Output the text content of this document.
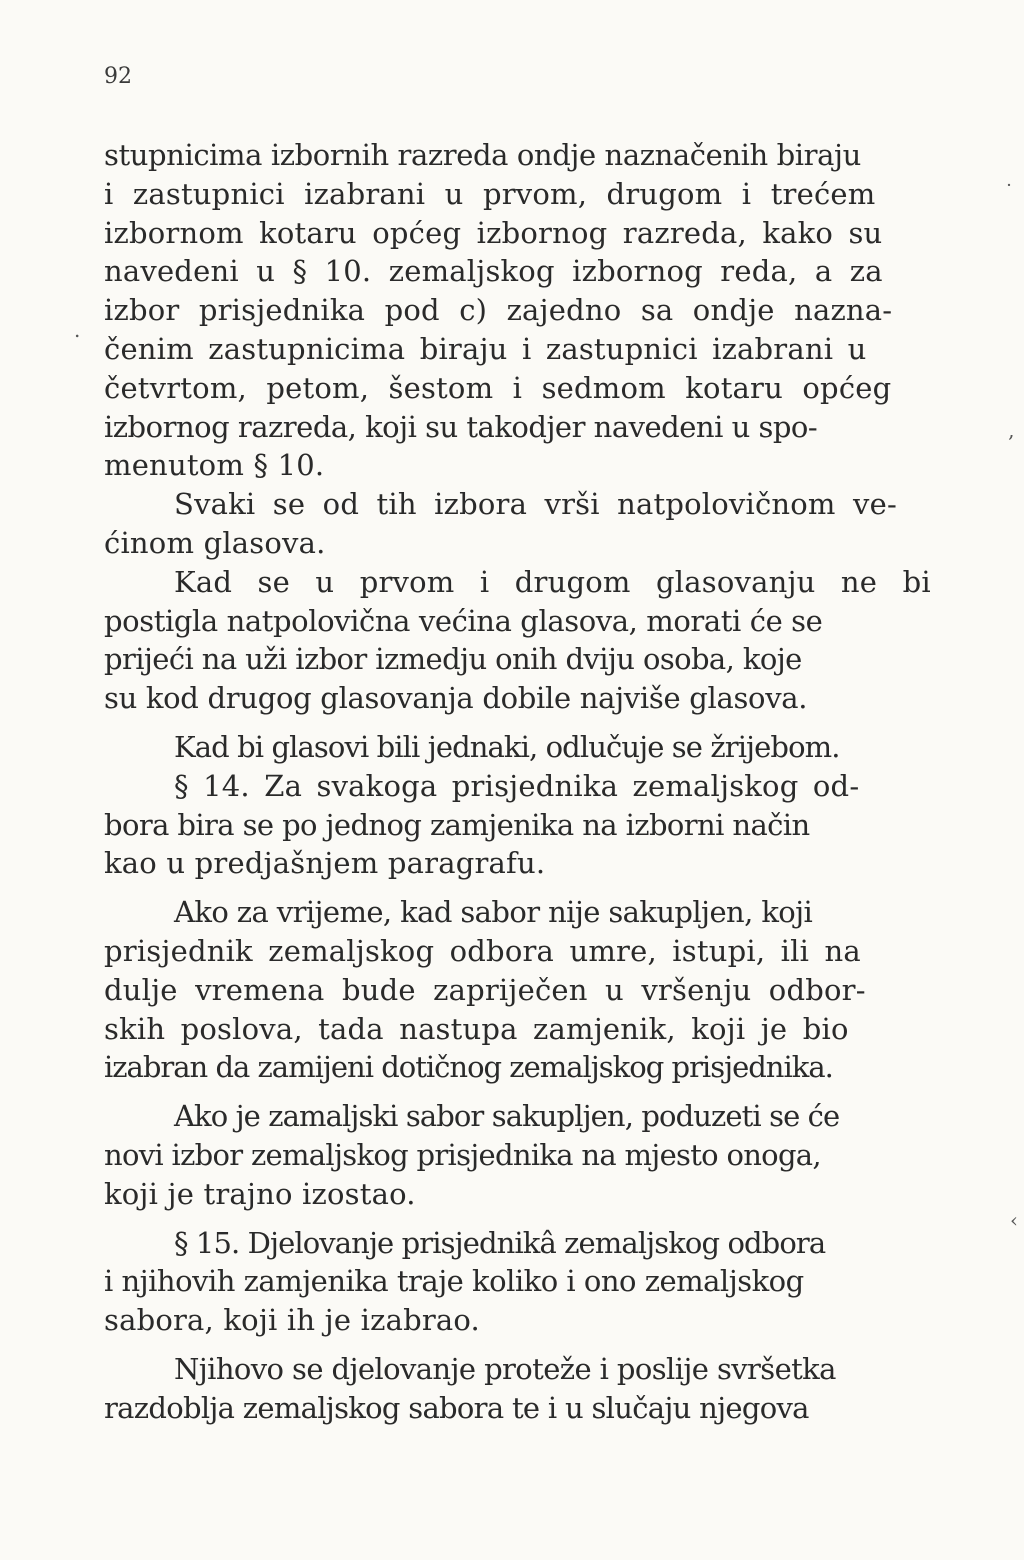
92
stupnicima izbornih razreda ondje naznačenih biraju
i zastupnici izabrani u prvom, drugom i trećem
izbornom kotaru općeg izbornog razreda, kako su
navedeni u § 10. zemaljskog izbornog reda, a za
izbor prisjednika pod c) zajedno sa ondje nazna-
čenim zastupnicima biraju i zastupnici izabrani u
četvrtom, petom, šestom i sedmom kotaru općeg
izbornog razreda, koji su takodjer navedeni u spo-
menutom § 10.
Svaki se od tih izbora vrši natpolovičnom ve-
ćinom glasova.
Kad se u prvom i drugom glasovanju ne bi
postigla natpolovična većina glasova, morati će se
prijeći na uži izbor izmedju onih dviju osoba, koje
su kod drugog glasovanja dobile najviše glasova.
Kad bi glasovi bili jednaki, odlučuje se žrijebom.
§ 14. Za svakoga prisjednika zemaljskog od-
bora bira se po jednog zamjenika na izborni način
kao u predjašnjem paragrafu.
Ako za vrijeme, kad sabor nije sakupljen, koji
prisjednik zemaljskog odbora umre, istupi, ili na
dulje vremena bude zapriječen u vršenju odbor-
skih poslova, tada nastupa zamjenik, koji je bio
izabran da zamijeni dotičnog zemaljskog prisjednika.
Ako je zamaljski sabor sakupljen, poduzeti se će
novi izbor zemaljskog prisjednika na mjesto onoga,
koji je trajno izostao.
§ 15. Djelovanje prisjednikâ zemaljskog odbora
i njihovih zamjenika traje koliko i ono zemaljskog
sabora, koji ih je izabrao.
Njihovo se djelovanje proteže i poslije svršetka
razdoblja zemaljskog sabora te i u slučaju njegova
˙
‚
‹
.
